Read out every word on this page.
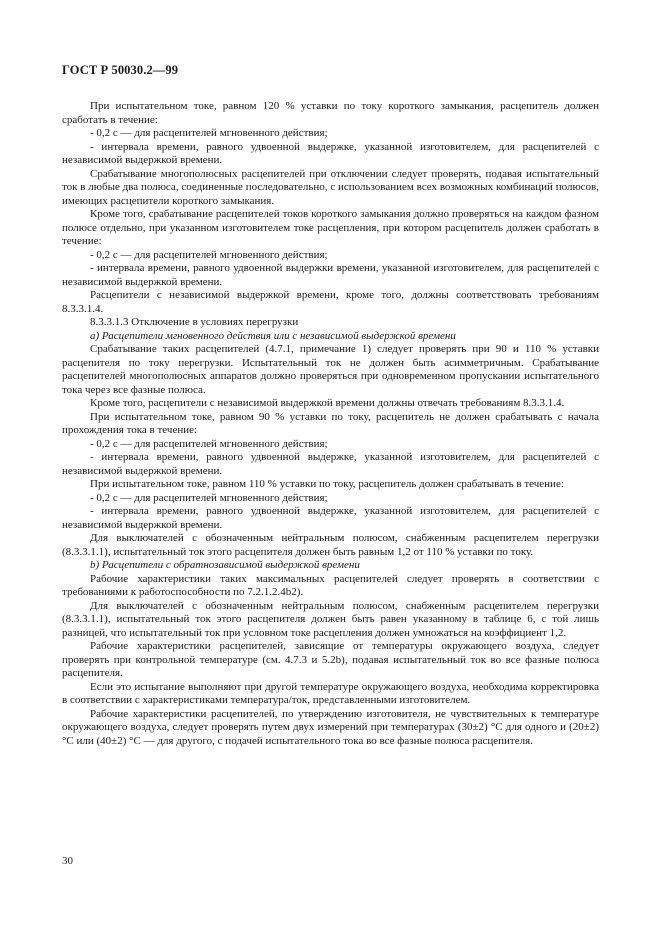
ГОСТ Р 50030.2—99

При испытательном токе, равном 120 % уставки по току короткого замыкания, расцепитель должен сработать в течение:

- 0,2 с — для расцепителей мгновенного действия;

- интервала времени, равного удвоенной выдержке, указанной изготовителем, для расцепителей с независимой выдержкой времени.

Срабатывание многополюсных расцепителей при отключении следует проверять, подавая испытательный ток в любые два полюса, соединенные последовательно, с использованием всех возможных комбинаций полюсов, имеющих расцепители короткого замыкания.

Кроме того, срабатывание расцепителей токов короткого замыкания должно проверяться на каждом фазном полюсе отдельно, при указанном изготовителем токе расцепления, при котором расцепитель должен сработать в течение:

- 0,2 с — для расцепителей мгновенного действия;

- интервала времени, равного удвоенной выдержки времени, указанной изготовителем, для расцепителей с независимой выдержкой времени.

Расцепители с независимой выдержкой времени, кроме того, должны соответствовать требованиям 8.3.3.1.4.

8.3.3.1.3 Отключение в условиях перегрузки

а) Расцепители мгновенного действия или с независимой выдержкой времени

Срабатывание таких расцепителей (4.7.1, примечание 1) следует проверять при 90 и 110 % уставки расцепителя по току перегрузки. Испытательный ток не должен быть асимметричным. Срабатывание расцепителей многополюсных аппаратов должно проверяться при одновременном пропускании испытательного тока через все фазные полюса.

Кроме того, расцепители с независимой выдержкой времени должны отвечать требованиям 8.3.3.1.4.

При испытательном токе, равном 90 % уставки по току, расцепитель не должен срабатывать с начала прохождения тока в течение:

- 0,2 с — для расцепителей мгновенного действия;

- интервала времени, равного удвоенной выдержке, указанной изготовителем, для расцепителей с независимой выдержкой времени.

При испытательном токе, равном 110 % уставки по току, расцепитель должен срабатывать в течение:

- 0,2 с — для расцепителей мгновенного действия;

- интервала времени, равного удвоенной выдержке, указанной изготовителем, для расцепителей с независимой выдержкой времени.

Для выключателей с обозначенным нейтральным полюсом, снабженным расцепителем перегрузки (8.3.3.1.1), испытательный ток этого расцепителя должен быть равным 1,2 от 110 % уставки по току.

b) Расцепители с обратнозависимой выдержкой времени

Рабочие характеристики таких максимальных расцепителей следует проверять в соответствии с требованиями к работоспособности по 7.2.1.2.4b2).

Для выключателей с обозначенным нейтральным полюсом, снабженным расцепителем перегрузки (8.3.3.1.1), испытательный ток этого расцепителя должен быть равен указанному в таблице 6, с той лишь разницей, что испытательный ток при условном токе расцепления должен умножаться на коэффициент 1,2.

Рабочие характеристики расцепителей, зависящие от температуры окружающего воздуха, следует проверять при контрольной температуре (см. 4.7.3 и 5.2b), подавая испытательный ток во все фазные полюса расцепителя.

Если это испытание выполняют при другой температуре окружающего воздуха, необходима корректировка в соответствии с характеристиками температура/ток, представленными изготовителем.

Рабочие характеристики расцепителей, по утверждению изготовителя, не чувствительных к температуре окружающего воздуха, следует проверять путем двух измерений при температурах (30±2) °С для одного и (20±2) °С или (40±2) °С — для другого, с подачей испытательного тока во все фазные полюса расцепителя.

30
